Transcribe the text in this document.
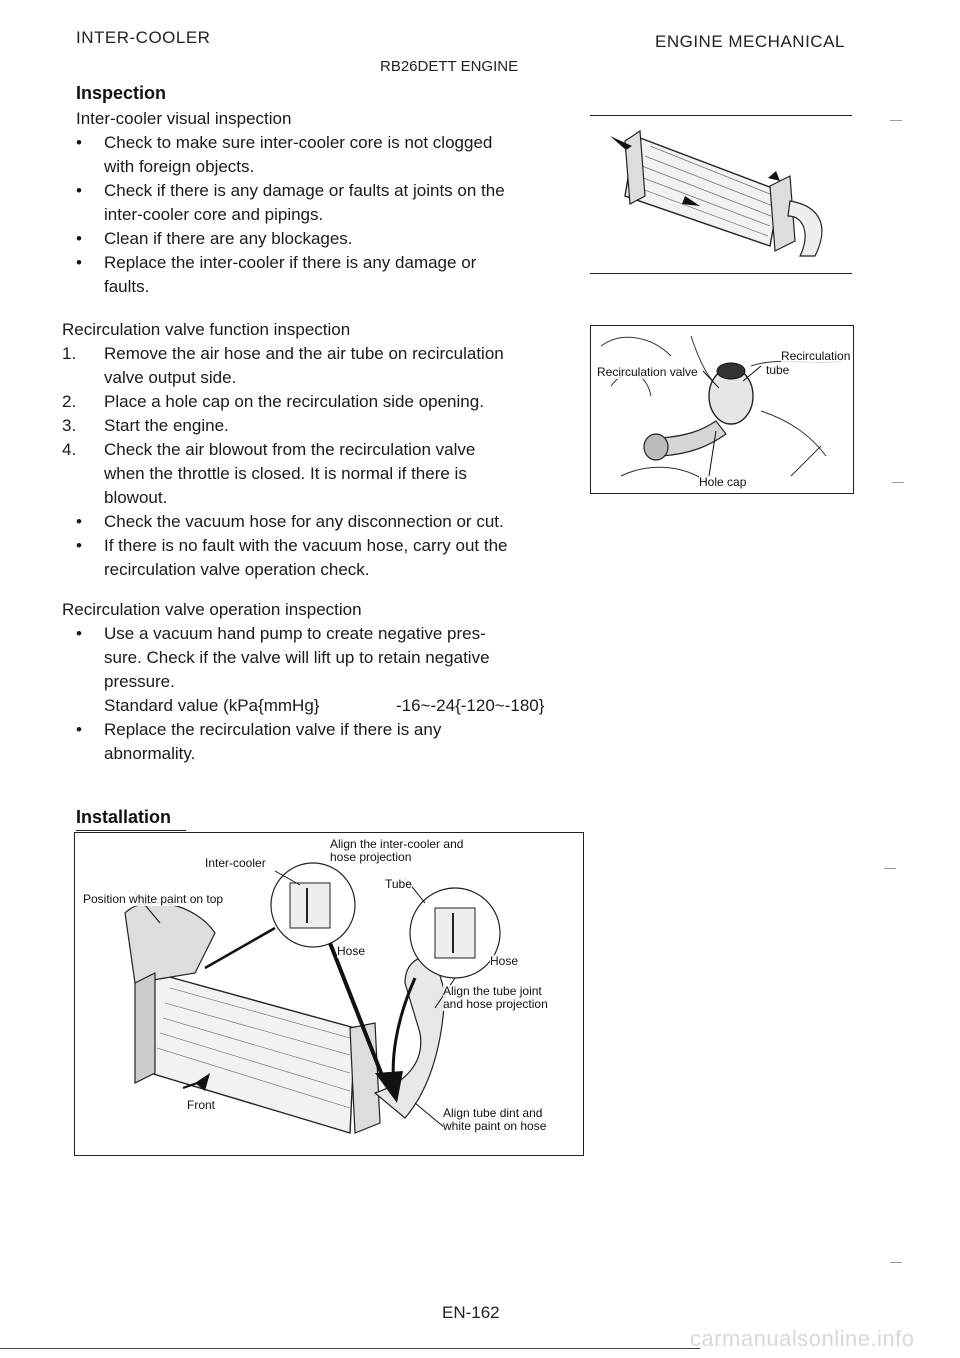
INTER-COOLER	ENGINE MECHANICAL
RB26DETT ENGINE
Inspection
Inter-cooler visual inspection
• Check to make sure inter-cooler core is not clogged
with foreign objects.
• Check if there is any damage or faults at joints on the
inter-cooler core and pipings.
• Clean if there are any blockages.
• Replace the inter-cooler if there is any damage or
faults.
Recirculation valve function inspection
1. Remove the air hose and the air tube on recirculation
valve output side.
2. Place a hole cap on the recirculation side opening.
3. Start the engine.
4. Check the air blowout from the recirculation valve
when the throttle is closed. It is normal if there is
blowout.
• Check the vacuum hose for any disconnection or cut.
• If there is no fault with the vacuum hose, carry out the
recirculation valve operation check.
Recirculation valve operation inspection
• Use a vacuum hand pump to create negative pres-
sure. Check if the valve will lift up to retain negative
pressure.
Standard value (kPa{mmHg}	-16~-24{-120~-180}
• Replace the recirculation valve if there is any
abnormality.
Installation
Recirculation valve
Recirculation
tube
Hole cap
Align the inter-cooler and
hose projection
Inter-cooler
Position white paint on top
Tube
Hose
Hose
Align the tube joint
and hose projection
Front
Align tube dint and
white paint on hose
EN-162
carmanualsonline.info
